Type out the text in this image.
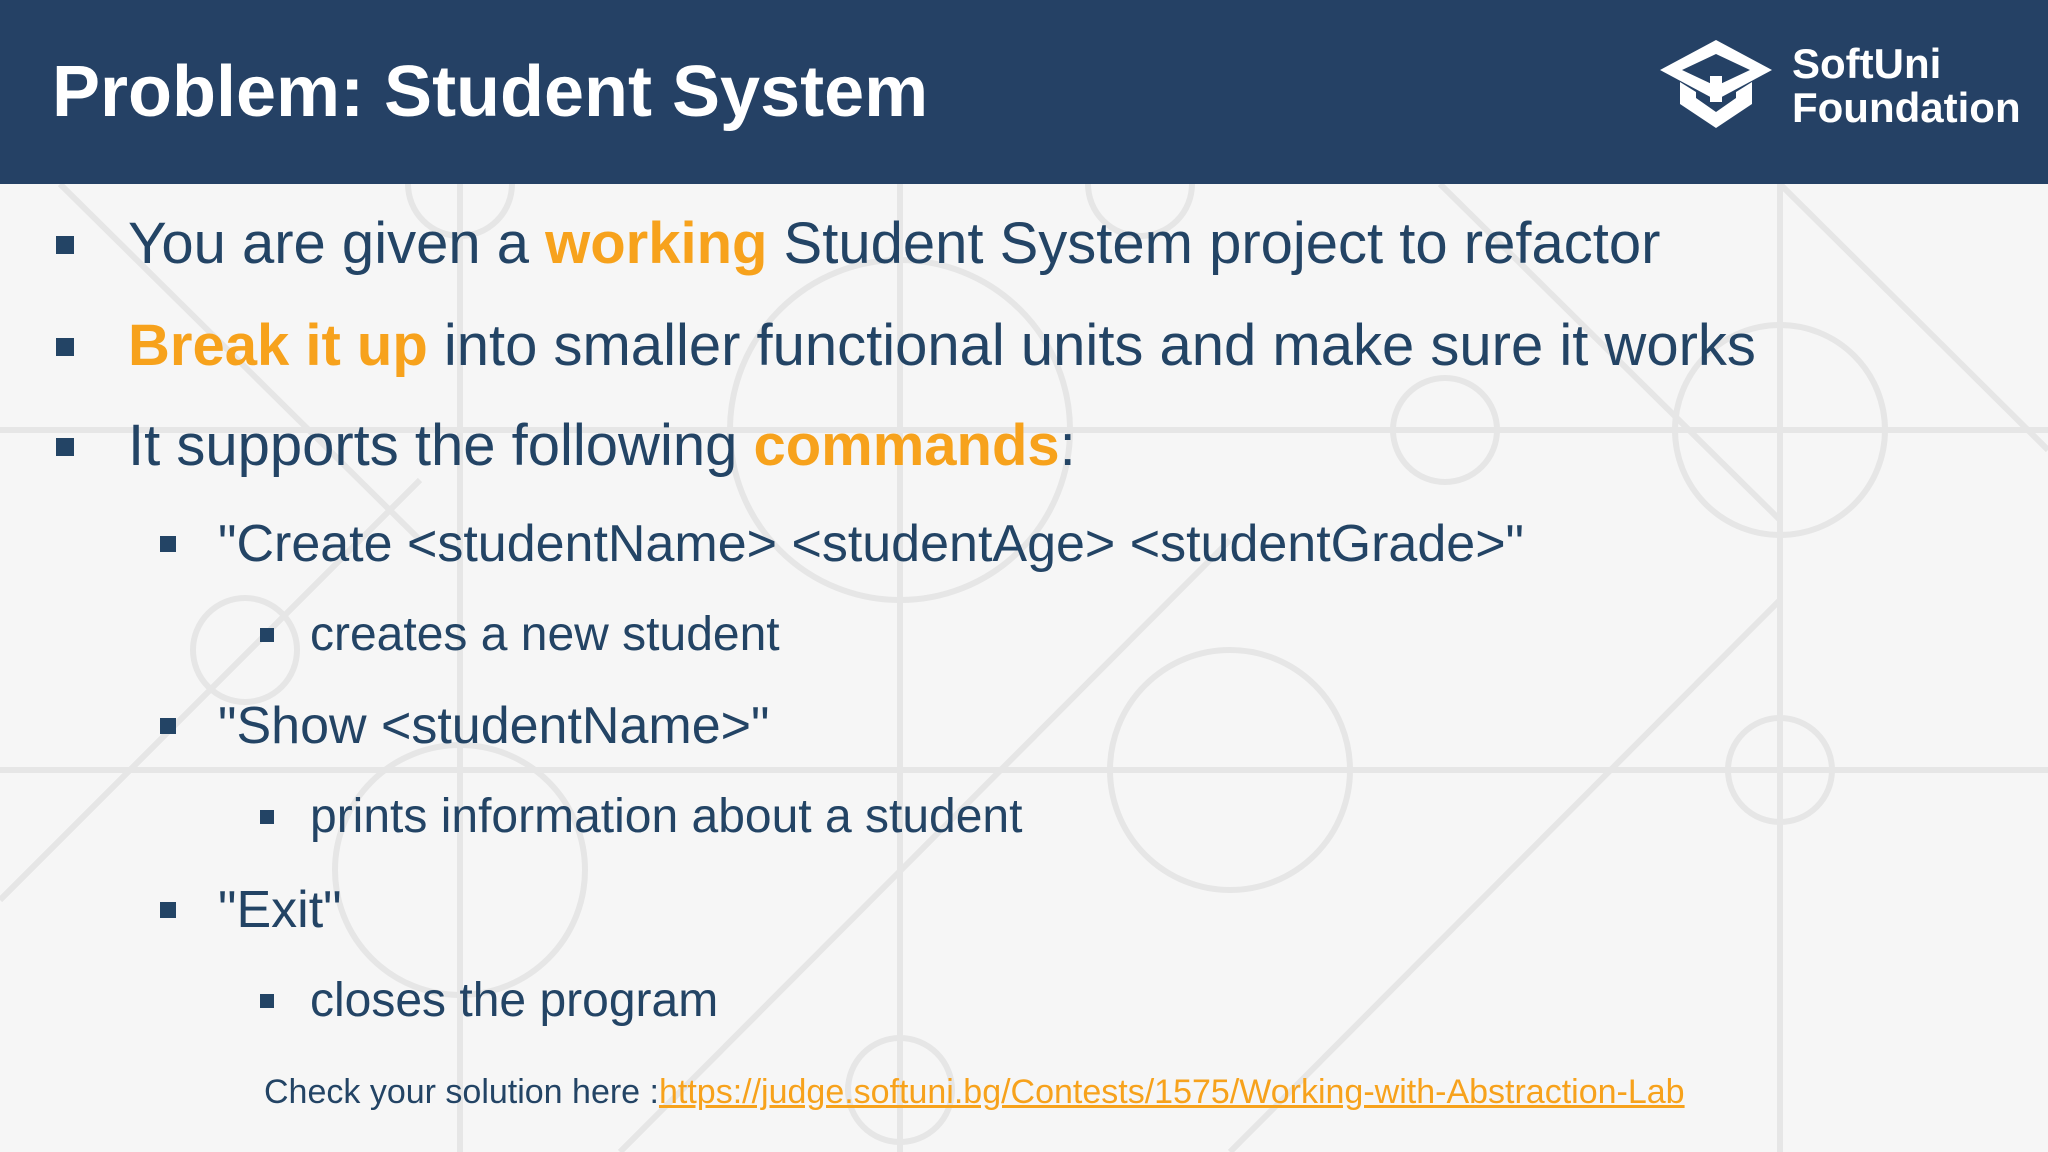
Problem: Student System	SoftUni
Foundation
You are given a working Student System project to refactor
Break it up into smaller functional units and make sure it works
It supports the following commands:
"Create <studentName> <studentAge> <studentGrade>"
creates a new student
"Show <studentName>"
prints information about a student
"Exit"
closes the program
Check your solution here :https://judge.softuni.bg/Contests/1575/Working-with-Abstraction-Lab
